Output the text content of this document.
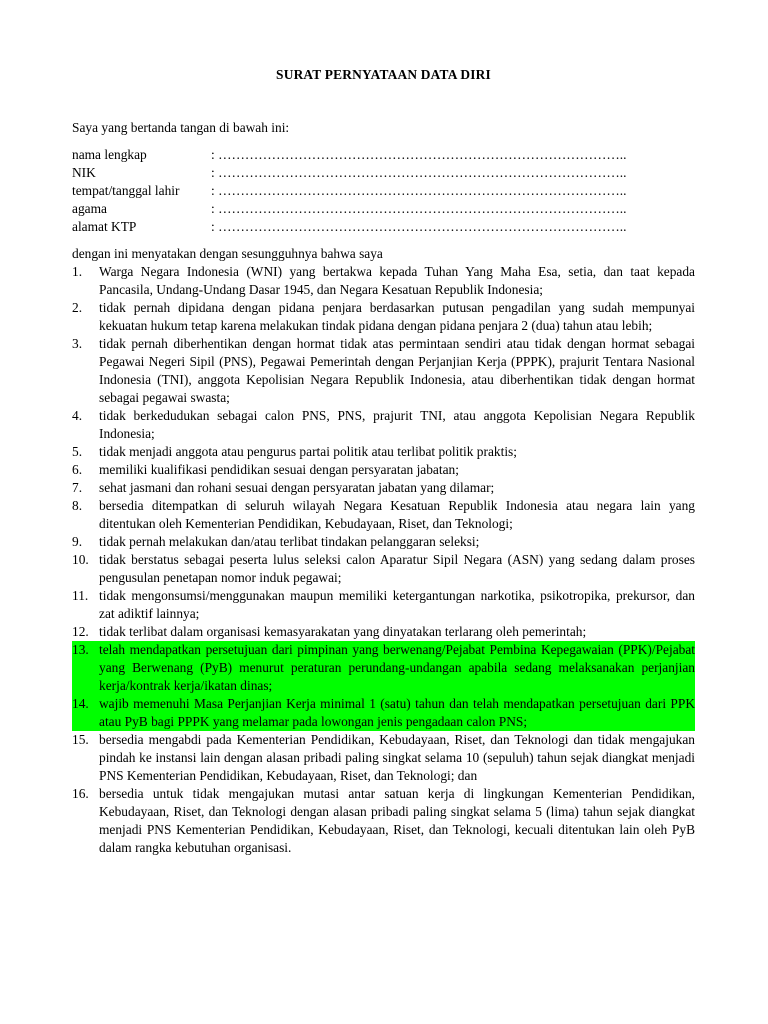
SURAT PERNYATAAN DATA DIRI
Saya yang bertanda tangan di bawah ini:
nama lengkap	: ………………………………………………………………………………..
NIK	: ………………………………………………………………………………..
tempat/tanggal lahir	: ………………………………………………………………………………..
agama	: ………………………………………………………………………………..
alamat KTP	: ………………………………………………………………………………..
dengan ini menyatakan dengan sesungguhnya bahwa saya
1.	Warga Negara Indonesia (WNI) yang bertakwa kepada Tuhan Yang Maha Esa, setia, dan taat kepada Pancasila, Undang-Undang Dasar 1945, dan Negara Kesatuan Republik Indonesia;
2.	tidak pernah dipidana dengan pidana penjara berdasarkan putusan pengadilan yang sudah mempunyai kekuatan hukum tetap karena melakukan tindak pidana dengan pidana penjara 2 (dua) tahun atau lebih;
3.	tidak pernah diberhentikan dengan hormat tidak atas permintaan sendiri atau tidak dengan hormat sebagai Pegawai Negeri Sipil (PNS), Pegawai Pemerintah dengan Perjanjian Kerja (PPPK), prajurit Tentara Nasional Indonesia (TNI), anggota Kepolisian Negara Republik Indonesia, atau diberhentikan tidak dengan hormat sebagai pegawai swasta;
4.	tidak berkedudukan sebagai calon PNS, PNS, prajurit TNI, atau anggota Kepolisian Negara Republik Indonesia;
5.	tidak menjadi anggota atau pengurus partai politik atau terlibat politik praktis;
6.	memiliki kualifikasi pendidikan sesuai dengan persyaratan jabatan;
7.	sehat jasmani dan rohani sesuai dengan persyaratan jabatan yang dilamar;
8.	bersedia ditempatkan di seluruh wilayah Negara Kesatuan Republik Indonesia atau negara lain yang ditentukan oleh Kementerian Pendidikan, Kebudayaan, Riset, dan Teknologi;
9.	tidak pernah melakukan dan/atau terlibat tindakan pelanggaran seleksi;
10. tidak berstatus sebagai peserta lulus seleksi calon Aparatur Sipil Negara (ASN) yang sedang dalam proses pengusulan penetapan nomor induk pegawai;
11. tidak mengonsumsi/menggunakan maupun memiliki ketergantungan narkotika, psikotropika, prekursor, dan zat adiktif lainnya;
12. tidak terlibat dalam organisasi kemasyarakatan yang dinyatakan terlarang oleh pemerintah;
13. telah mendapatkan persetujuan dari pimpinan yang berwenang/Pejabat Pembina Kepegawaian (PPK)/Pejabat yang Berwenang (PyB) menurut peraturan perundang-undangan apabila sedang melaksanakan perjanjian kerja/kontrak kerja/ikatan dinas;
14. wajib memenuhi Masa Perjanjian Kerja minimal 1 (satu) tahun dan telah mendapatkan persetujuan dari PPK atau PyB bagi PPPK yang melamar pada lowongan jenis pengadaan calon PNS;
15. bersedia mengabdi pada Kementerian Pendidikan, Kebudayaan, Riset, dan Teknologi dan tidak mengajukan pindah ke instansi lain dengan alasan pribadi paling singkat selama 10 (sepuluh) tahun sejak diangkat menjadi PNS Kementerian Pendidikan, Kebudayaan, Riset, dan Teknologi; dan
16. bersedia untuk tidak mengajukan mutasi antar satuan kerja di lingkungan Kementerian Pendidikan, Kebudayaan, Riset, dan Teknologi dengan alasan pribadi paling singkat selama 5 (lima) tahun sejak diangkat menjadi PNS Kementerian Pendidikan, Kebudayaan, Riset, dan Teknologi, kecuali ditentukan lain oleh PyB dalam rangka kebutuhan organisasi.
